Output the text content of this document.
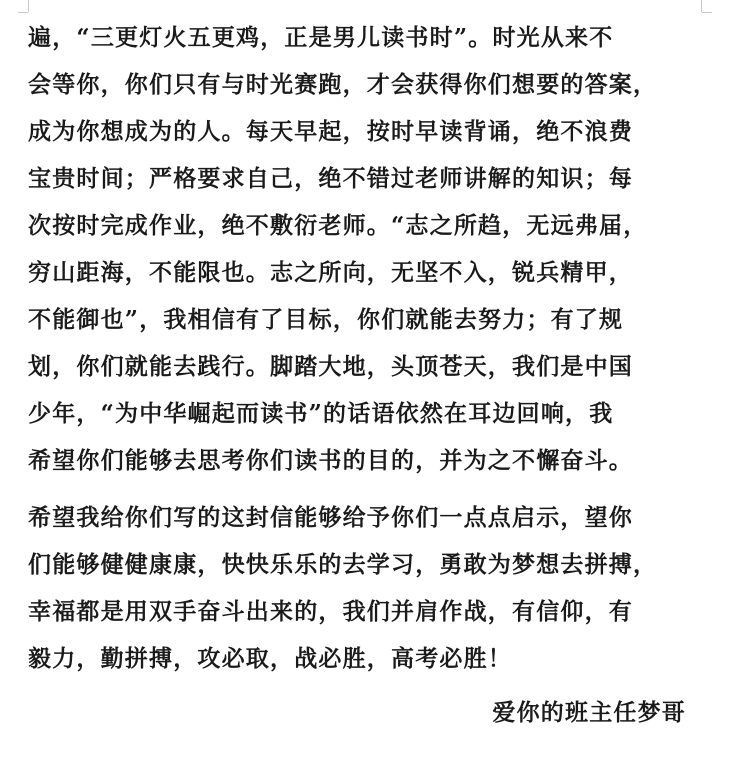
遍，“三更灯火五更鸡，正是男儿读书时”。时光从来不
会等你，你们只有与时光赛跑，才会获得你们想要的答案，
成为你想成为的人。每天早起，按时早读背诵，绝不浪费
宝贵时间；严格要求自己，绝不错过老师讲解的知识；每
次按时完成作业，绝不敷衍老师。“志之所趋，无远弗届，
穷山距海，不能限也。志之所向，无坚不入，锐兵精甲，
不能御也”，我相信有了目标，你们就能去努力；有了规
划，你们就能去践行。脚踏大地，头顶苍天，我们是中国
少年，“为中华崛起而读书”的话语依然在耳边回响，我
希望你们能够去思考你们读书的目的，并为之不懈奋斗。
希望我给你们写的这封信能够给予你们一点点启示，望你
们能够健健康康，快快乐乐的去学习，勇敢为梦想去拼搏，
幸福都是用双手奋斗出来的，我们并肩作战，有信仰，有
毅力，勤拼搏，攻必取，战必胜，高考必胜！
爱你的班主任梦哥
